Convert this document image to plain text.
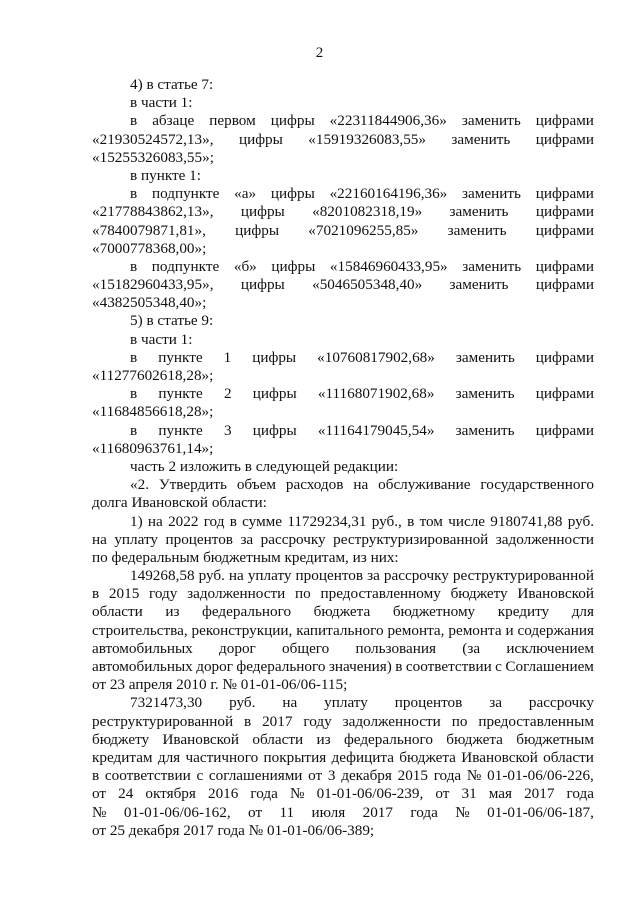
2
4) в статье 7:
в части 1:
в абзаце первом цифры «22311844906,36» заменить цифрами
«21930524572,13», цифры «15919326083,55» заменить цифрами
«15255326083,55»;
в пункте 1:
в подпункте «а» цифры «22160164196,36» заменить цифрами
«21778843862,13», цифры «8201082318,19» заменить цифрами
«7840079871,81», цифры «7021096255,85» заменить цифрами
«7000778368,00»;
в подпункте «б» цифры «15846960433,95» заменить цифрами
«15182960433,95», цифры «5046505348,40» заменить цифрами
«4382505348,40»;
5) в статье 9:
в части 1:
в пункте 1 цифры «10760817902,68» заменить цифрами
«11277602618,28»;
в пункте 2 цифры «11168071902,68» заменить цифрами
«11684856618,28»;
в пункте 3 цифры «11164179045,54» заменить цифрами
«11680963761,14»;
часть 2 изложить в следующей редакции:
«2. Утвердить объем расходов на обслуживание государственного
долга Ивановской области:
1) на 2022 год в сумме 11729234,31 руб., в том числе 9180741,88 руб.
на уплату процентов за рассрочку реструктуризированной задолженности
по федеральным бюджетным кредитам, из них:
149268,58 руб. на уплату процентов за рассрочку реструктурированной
в 2015 году задолженности по предоставленному бюджету Ивановской
области из федерального бюджета бюджетному кредиту для
строительства, реконструкции, капитального ремонта, ремонта и содержания
автомобильных дорог общего пользования (за исключением
автомобильных дорог федерального значения) в соответствии с Соглашением
от 23 апреля 2010 г. № 01-01-06/06-115;
7321473,30 руб. на уплату процентов за рассрочку
реструктурированной в 2017 году задолженности по предоставленным
бюджету Ивановской области из федерального бюджета бюджетным
кредитам для частичного покрытия дефицита бюджета Ивановской области
в соответствии с соглашениями от 3 декабря 2015 года № 01-01-06/06-226,
от 24 октября 2016 года № 01-01-06/06-239, от 31 мая 2017 года
№ 01-01-06/06-162, от 11 июля 2017 года № 01-01-06/06-187,
от 25 декабря 2017 года № 01-01-06/06-389;
